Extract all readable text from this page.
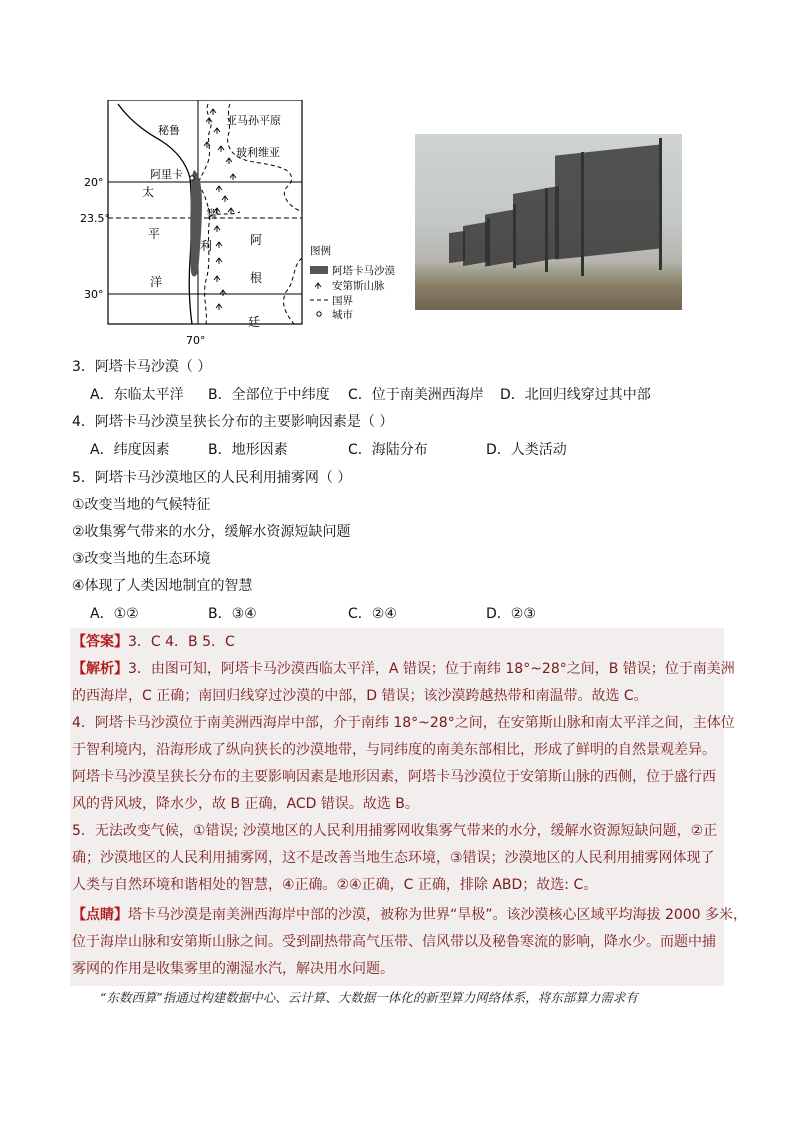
秘鲁
亚马孙平原
玻利维亚
阿里卡
太
平
洋
智
利	阿
根
廷
20°
23.5°
30°
70°
图例
阿塔卡马沙漠
安第斯山脉
国界
城市
3．阿塔卡马沙漠（ ）
A．东临太平洋 B．全部位于中纬度 C．位于南美洲西海岸 D．北回归线穿过其中部
4．阿塔卡马沙漠呈狭长分布的主要影响因素是（ ）
A．纬度因素	B．地形因素	C．海陆分布	D．人类活动
5．阿塔卡马沙漠地区的人民利用捕雾网（ ）
①改变当地的气候特征
②收集雾气带来的水分，缓解水资源短缺问题
③改变当地的生态环境
④体现了人类因地制宜的智慧
A．①②	B．③④	C．②④	D．②③
【答案】3．C 4．B 5．C
【解析】3．由图可知，阿塔卡马沙漠西临太平洋，A 错误；位于南纬 18°~28°之间，B 错误；位于南美洲
的西海岸，C 正确；南回归线穿过沙漠的中部，D 错误；该沙漠跨越热带和南温带。故选 C。
4．阿塔卡马沙漠位于南美洲西海岸中部，介于南纬 18°~28°之间，在安第斯山脉和南太平洋之间，主体位
于智利境内，沿海形成了纵向狭长的沙漠地带，与同纬度的南美东部相比，形成了鲜明的自然景观差异。
阿塔卡马沙漠呈狭长分布的主要影响因素是地形因素，阿塔卡马沙漠位于安第斯山脉的西侧，位于盛行西
风的背风坡，降水少，故 B 正确，ACD 错误。故选 B。
5．无法改变气候，①错误; 沙漠地区的人民利用捕雾网收集雾气带来的水分，缓解水资源短缺问题，②正
确；沙漠地区的人民利用捕雾网，这不是改善当地生态环境，③错误；沙漠地区的人民利用捕雾网体现了
人类与自然环境和谐相处的智慧，④正确。②④正确，C 正确，排除 ABD；故选: C。
【点睛】塔卡马沙漠是南美洲西海岸中部的沙漠，被称为世界“旱极”。该沙漠核心区域平均海拔 2000 多米，
位于海岸山脉和安第斯山脉之间。受到副热带高气压带、信风带以及秘鲁寒流的影响，降水少。而题中捕
雾网的作用是收集雾里的潮湿水汽，解决用水问题。
“东数西算”指通过构建数据中心、云计算、大数据一体化的新型算力网络体系，将东部算力需求有
